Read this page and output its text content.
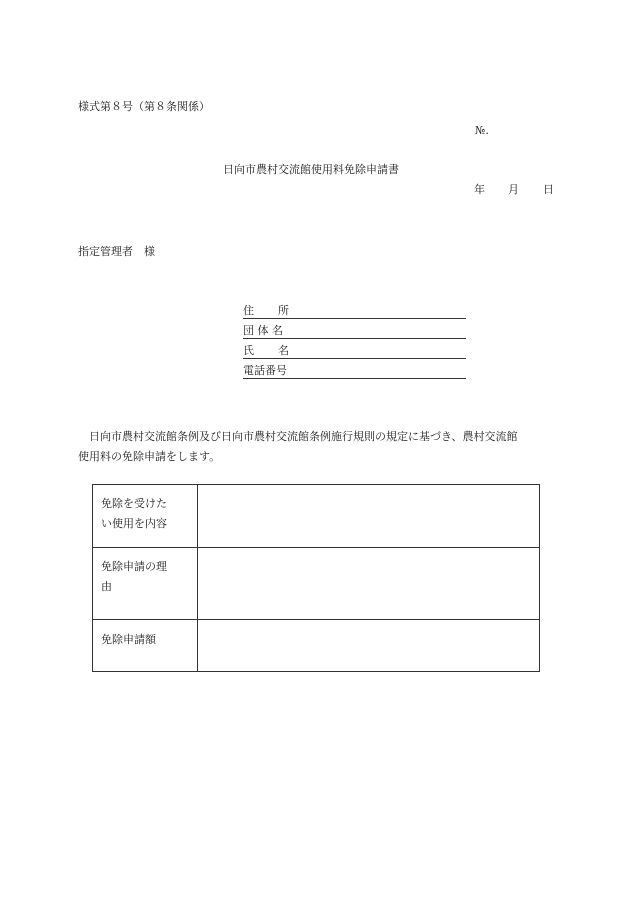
様式第８号（第８条関係）
№.
日向市農村交流館使用料免除申請書
年 月 日
指定管理者　様
住 所
団 体 名
氏 名
電話番号
日向市農村交流館条例及び日向市農村交流館条例施行規則の規定に基づき、農村交流館
使用料の免除申請をします。
免除を受けた
い使用を内容	

免除申請の理
由	

免除申請額	
